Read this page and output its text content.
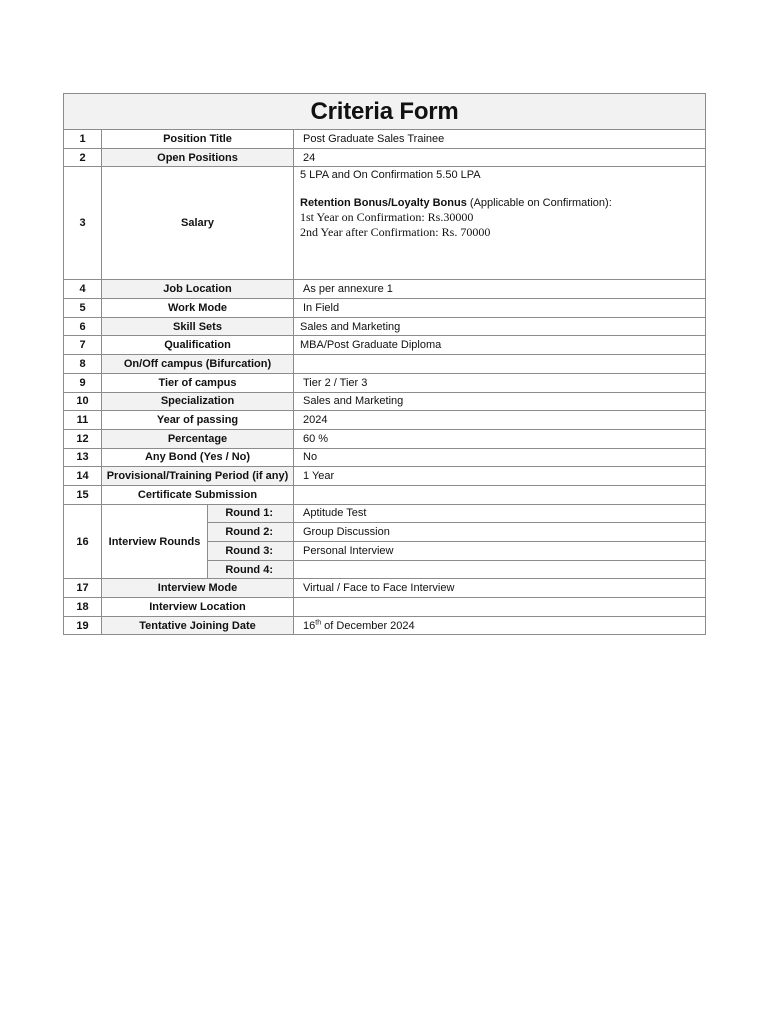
Criteria Form			
1	Position Title		Post Graduate Sales Trainee
2	Open Positions		24
3	Salary		5 LPA and On Confirmation 5.50 LPA
Retention Bonus/Loyalty Bonus (Applicable on Confirmation):
1st Year on Confirmation: Rs.30000
2nd Year after Confirmation: Rs. 70000

4	Job Location		As per annexure 1
5	Work Mode		In Field
6	Skill Sets		Sales and Marketing
7	Qualification		MBA/Post Graduate Diploma
8	On/Off campus (Bifurcation)		
9	Tier of campus		Tier 2 / Tier 3
10	Specialization		Sales and Marketing
11	Year of passing		2024
12	Percentage		60 %
13	Any Bond (Yes / No)		No
14	Provisional/Training Period (if any)		1 Year
15	Certificate Submission		
16	Interview Rounds	Round 1:	Aptitude Test
		Round 2:	Group Discussion
		Round 3:	Personal Interview
		Round 4:	
17	Interview Mode		Virtual / Face to Face Interview
18	Interview Location		
19	Tentative Joining Date		16th of December 2024
